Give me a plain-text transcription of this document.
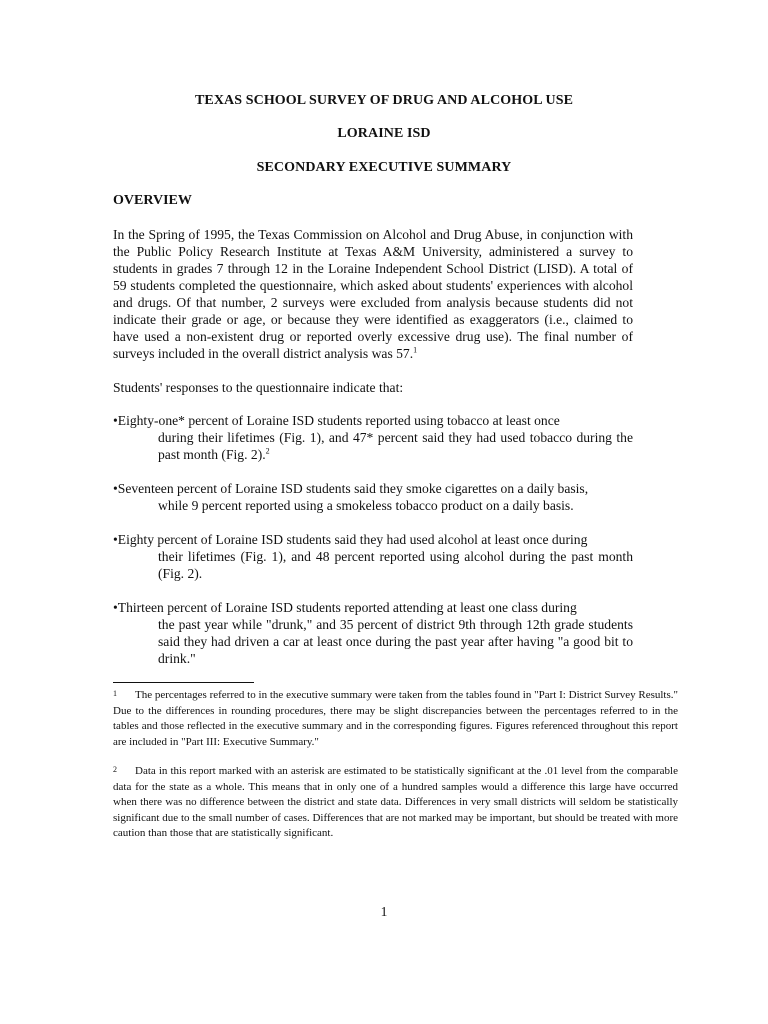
TEXAS SCHOOL SURVEY OF DRUG AND ALCOHOL USE
LORAINE ISD
SECONDARY EXECUTIVE SUMMARY
OVERVIEW
In the Spring of 1995, the Texas Commission on Alcohol and Drug Abuse, in conjunction with the Public Policy Research Institute at Texas A&M University, administered a survey to students in grades 7 through 12 in the Loraine Independent School District (LISD). A total of 59 students completed the questionnaire, which asked about students' experiences with alcohol and drugs. Of that number, 2 surveys were excluded from analysis because students did not indicate their grade or age, or because they were identified as exaggerators (i.e., claimed to have used a non-existent drug or reported overly excessive drug use). The final number of surveys included in the overall district analysis was 57.$^1$
Students' responses to the questionnaire indicate that:
•Eighty-one* percent of Loraine ISD students reported using tobacco at least once
during their lifetimes (Fig. 1), and 47* percent said they had used tobacco during the past month (Fig. 2).$^2$
•Seventeen percent of Loraine ISD students said they smoke cigarettes on a daily basis,
while 9 percent reported using a smokeless tobacco product on a daily basis.
•Eighty percent of Loraine ISD students said they had used alcohol at least once during
their lifetimes (Fig. 1), and 48 percent reported using alcohol during the past month (Fig. 2).
•Thirteen percent of Loraine ISD students reported attending at least one class during
the past year while "drunk," and 35 percent of district 9th through 12th grade students said they had driven a car at least once during the past year after having "a good bit to drink."
1 The percentages referred to in the executive summary were taken from the tables found in "Part I: District Survey Results." Due to the differences in rounding procedures, there may be slight discrepancies between the percentages referred to in the tables and those reflected in the executive summary and in the corresponding figures. Figures referenced throughout this report are included in "Part III: Executive Summary."
2 Data in this report marked with an asterisk are estimated to be statistically significant at the .01 level from the comparable data for the state as a whole. This means that in only one of a hundred samples would a difference this large have occurred when there was no difference between the district and state data. Differences in very small districts will seldom be statistically significant due to the small number of cases. Differences that are not marked may be important, but should be treated with more caution than those that are statistically significant.
1
